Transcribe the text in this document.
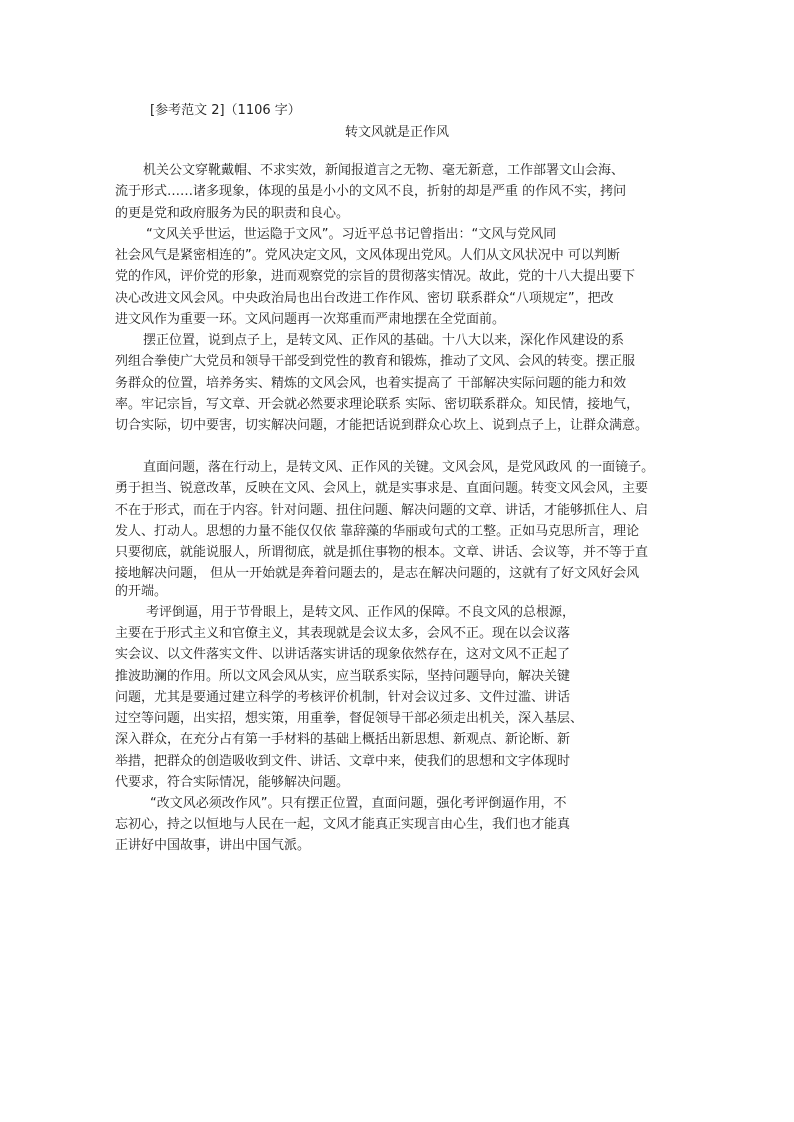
[参考范文 2]（1106 字）
转文风就是正作风
机关公文穿靴戴帽、不求实效，新闻报道言之无物、毫无新意，工作部署文山会海、
流于形式……诸多现象，体现的虽是小小的文风不良，折射的却是严重 的作风不实，拷问
的更是党和政府服务为民的职责和良心。
“文风关乎世运，世运隐于文风”。习近平总书记曾指出：“文风与党风同
社会风气是紧密相连的”。党风决定文风，文风体现出党风。人们从文风状况中 可以判断
党的作风，评价党的形象，进而观察党的宗旨的贯彻落实情况。故此，党的十八大提出要下
决心改进文风会风。中央政治局也出台改进工作作风、密切 联系群众“八项规定”，把改
进文风作为重要一环。文风问题再一次郑重而严肃地摆在全党面前。
摆正位置，说到点子上，是转文风、正作风的基础。十八大以来，深化作风建设的系
列组合拳使广大党员和领导干部受到党性的教育和锻炼，推动了文风、会风的转变。摆正服
务群众的位置，培养务实、精炼的文风会风，也着实提高了 干部解决实际问题的能力和效
率。牢记宗旨，写文章、开会就必然要求理论联系 实际、密切联系群众。知民情，接地气，
切合实际，切中要害，切实解决问题，才能把话说到群众心坎上、说到点子上，让群众满意。
直面问题，落在行动上，是转文风、正作风的关键。文风会风，是党风政风 的一面镜子。
勇于担当、锐意改革，反映在文风、会风上，就是实事求是、直面问题。转变文风会风，主要
不在于形式，而在于内容。针对问题、扭住问题、解决问题的文章、讲话，才能够抓住人、启
发人、打动人。思想的力量不能仅仅依 靠辞藻的华丽或句式的工整。正如马克思所言，理论
只要彻底，就能说服人，所谓彻底，就是抓住事物的根本。文章、讲话、会议等，并不等于直
接地解决问题， 但从一开始就是奔着问题去的，是志在解决问题的，这就有了好文风好会风
的开端。
考评倒逼，用于节骨眼上，是转文风、正作风的保障。不良文风的总根源，
主要在于形式主义和官僚主义，其表现就是会议太多，会风不正。现在以会议落
实会议、以文件落实文件、以讲话落实讲话的现象依然存在，这对文风不正起了
推波助澜的作用。所以文风会风从实，应当联系实际，坚持问题导向，解决关键
问题，尤其是要通过建立科学的考核评价机制，针对会议过多、文件过滥、讲话
过空等问题，出实招，想实策，用重拳，督促领导干部必须走出机关，深入基层、
深入群众，在充分占有第一手材料的基础上概括出新思想、新观点、新论断、新
举措，把群众的创造吸收到文件、讲话、文章中来，使我们的思想和文字体现时
代要求，符合实际情况，能够解决问题。
“改文风必须改作风”。只有摆正位置，直面问题，强化考评倒逼作用，不
忘初心，持之以恒地与人民在一起，文风才能真正实现言由心生，我们也才能真
正讲好中国故事，讲出中国气派。
